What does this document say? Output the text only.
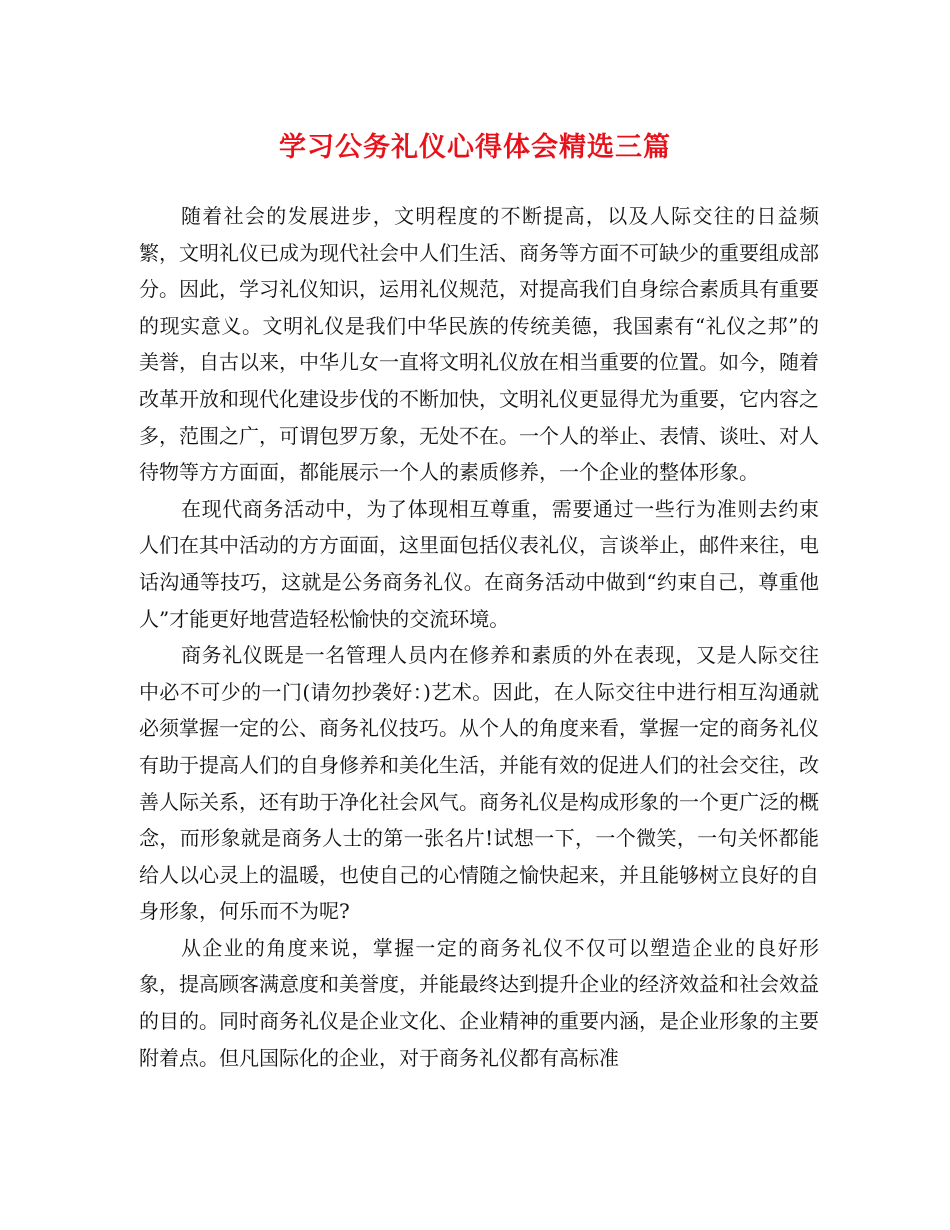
学习公务礼仪心得体会精选三篇

随着社会的发展进步，文明程度的不断提高，以及人际交往的日益频繁，文明礼仪已成为现代社会中人们生活、商务等方面不可缺少的重要组成部分。因此，学习礼仪知识，运用礼仪规范，对提高我们自身综合素质具有重要的现实意义。文明礼仪是我们中华民族的传统美德，我国素有“礼仪之邦”的美誉，自古以来，中华儿女一直将文明礼仪放在相当重要的位置。如今，随着改革开放和现代化建设步伐的不断加快，文明礼仪更显得尤为重要，它内容之多，范围之广，可谓包罗万象，无处不在。一个人的举止、表情、谈吐、对人待物等方方面面，都能展示一个人的素质修养，一个企业的整体形象。

在现代商务活动中，为了体现相互尊重，需要通过一些行为准则去约束人们在其中活动的方方面面，这里面包括仪表礼仪，言谈举止，邮件来往，电话沟通等技巧，这就是公务商务礼仪。在商务活动中做到“约束自己，尊重他人”才能更好地营造轻松愉快的交流环境。

商务礼仪既是一名管理人员内在修养和素质的外在表现，又是人际交往中必不可少的一门(请勿抄袭好：)艺术。因此，在人际交往中进行相互沟通就必须掌握一定的公、商务礼仪技巧。从个人的角度来看，掌握一定的商务礼仪有助于提高人们的自身修养和美化生活，并能有效的促进人们的社会交往，改善人际关系，还有助于净化社会风气。商务礼仪是构成形象的一个更广泛的概念，而形象就是商务人士的第一张名片!试想一下，一个微笑，一句关怀都能给人以心灵上的温暖，也使自己的心情随之愉快起来，并且能够树立良好的自身形象，何乐而不为呢?

从企业的角度来说，掌握一定的商务礼仪不仅可以塑造企业的良好形象，提高顾客满意度和美誉度，并能最终达到提升企业的经济效益和社会效益的目的。同时商务礼仪是企业文化、企业精神的重要内涵，是企业形象的主要附着点。但凡国际化的企业，对于商务礼仪都有高标准
